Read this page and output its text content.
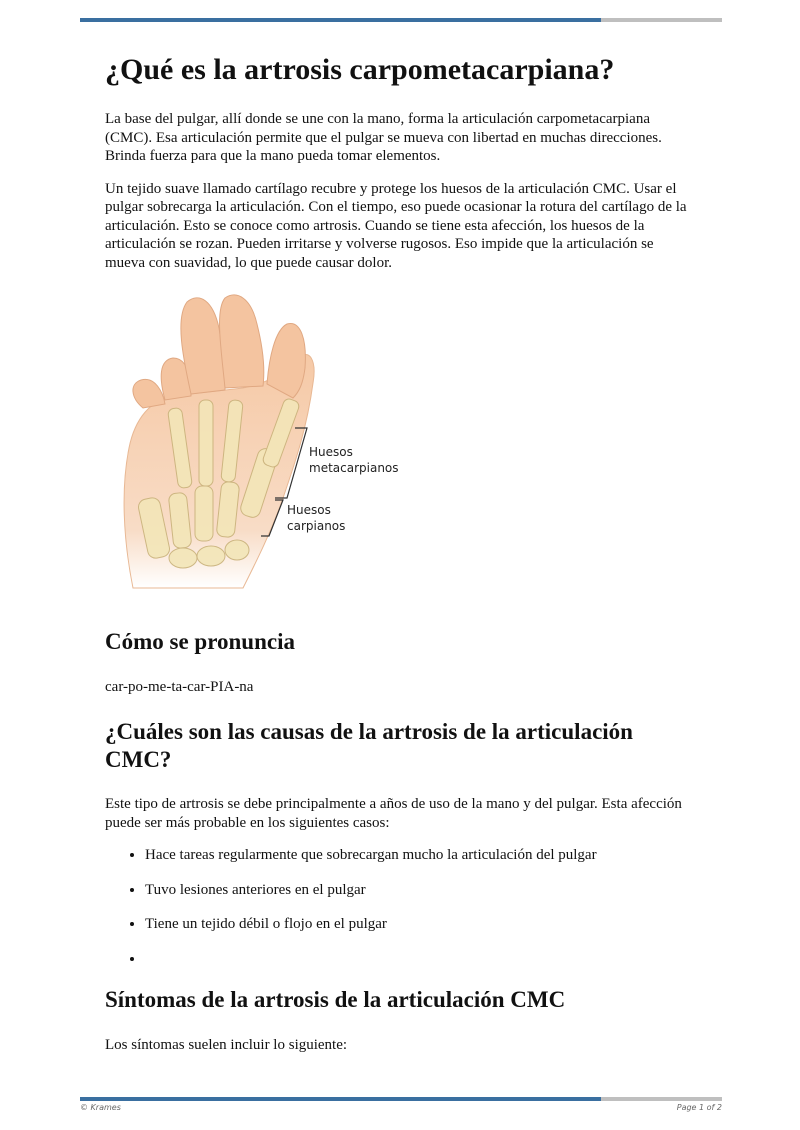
¿Qué es la artrosis carpometacarpiana?

La base del pulgar, allí donde se une con la mano, forma la articulación carpometacarpiana (CMC). Esa articulación permite que el pulgar se mueva con libertad en muchas direcciones. Brinda fuerza para que la mano pueda tomar elementos.

Un tejido suave llamado cartílago recubre y protege los huesos de la articulación CMC. Usar el pulgar sobrecarga la articulación. Con el tiempo, eso puede ocasionar la rotura del cartílago de la articulación. Esto se conoce como artrosis. Cuando se tiene esta afección, los huesos de la articulación se rozan. Pueden irritarse y volverse rugosos. Eso impide que la articulación se mueva con suavidad, lo que puede causar dolor.

Huesos
metacarpianos
Huesos
carpianos
Cómo se pronuncia

car-po-me-ta-car-PIA-na

¿Cuáles son las causas de la artrosis de la articulación CMC?

Este tipo de artrosis se debe principalmente a años de uso de la mano y del pulgar. Esta afección puede ser más probable en los siguientes casos:

• Hace tareas regularmente que sobrecargan mucho la articulación del pulgar
• Tuvo lesiones anteriores en el pulgar
• Tiene un tejido débil o flojo en el pulgar
•
Síntomas de la artrosis de la articulación CMC

Los síntomas suelen incluir lo siguiente:

© Krames	Page 1 of 2
